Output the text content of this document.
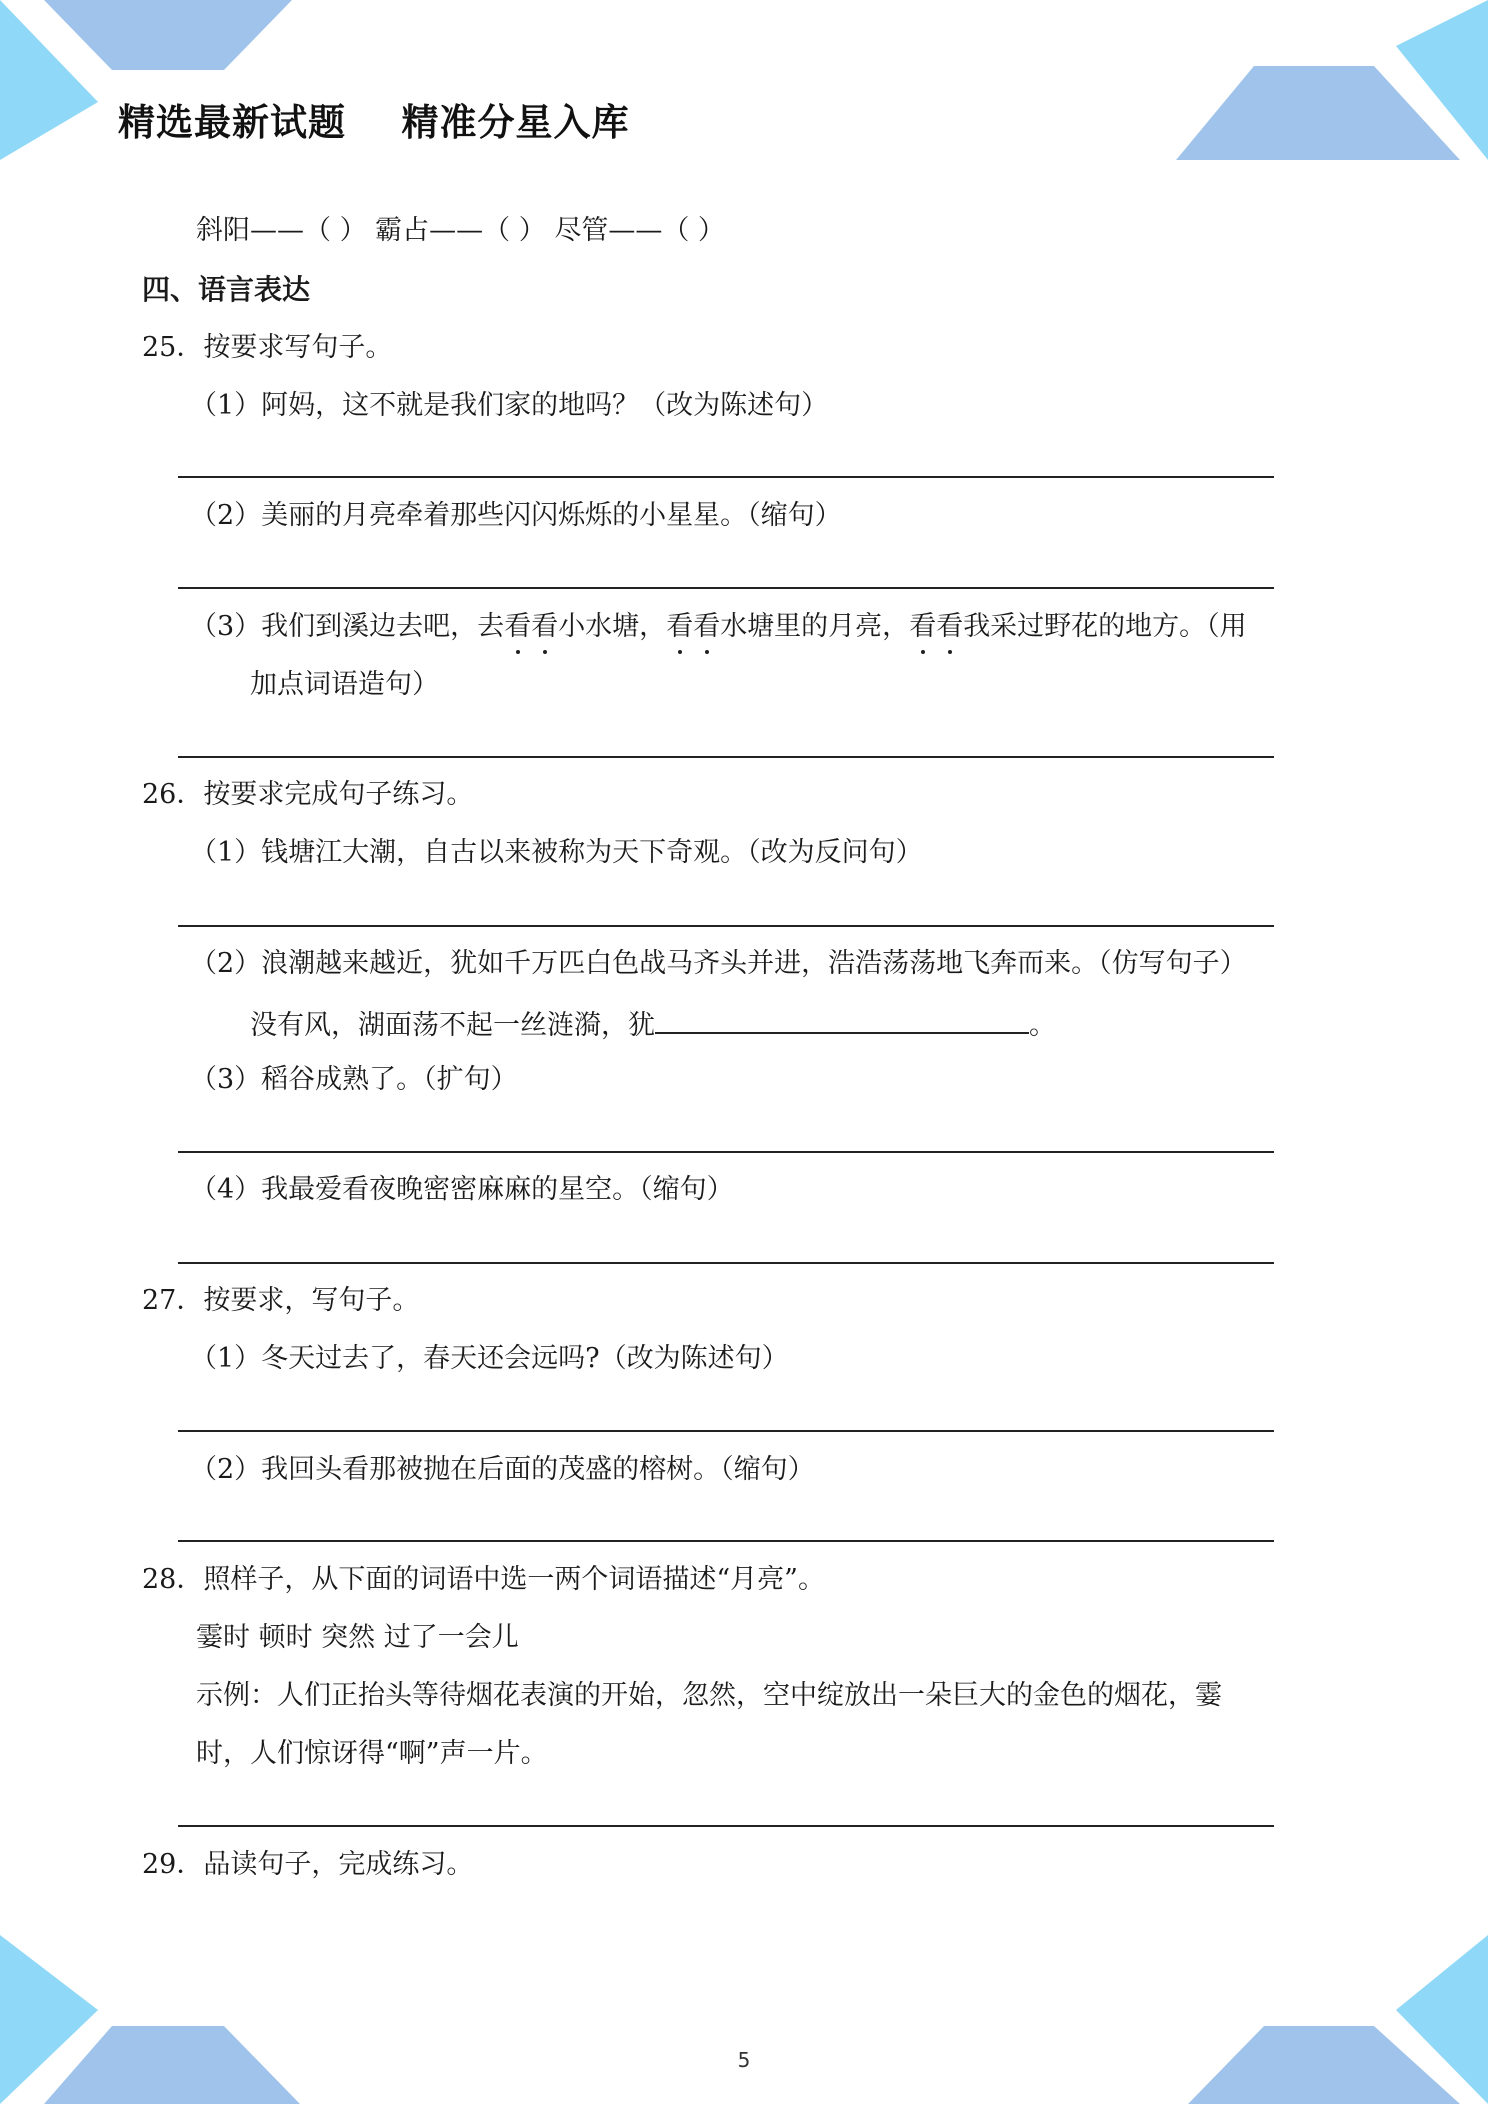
精选最新试题    精准分星入库
斜阳——（ ） 霸占——（ ） 尽管——（ ）
四、语言表达
25．按要求写句子。
（1）阿妈，这不就是我们家的地吗？（改为陈述句）
（2）美丽的月亮牵着那些闪闪烁烁的小星星。（缩句）
（3）我们到溪边去吧，去看看小水塘，看看水塘里的月亮，看看我采过野花的地方。（用
加点词语造句）
26．按要求完成句子练习。
（1）钱塘江大潮，自古以来被称为天下奇观。（改为反问句）
（2）浪潮越来越近，犹如千万匹白色战马齐头并进，浩浩荡荡地飞奔而来。（仿写句子）
没有风，湖面荡不起一丝涟漪，犹	。
（3）稻谷成熟了。（扩句）
（4）我最爱看夜晚密密麻麻的星空。（缩句）
27．按要求，写句子。
（1）冬天过去了，春天还会远吗?（改为陈述句）
（2）我回头看那被抛在后面的茂盛的榕树。（缩句）
28．照样子，从下面的词语中选一两个词语描述“月亮”。
霎时 顿时 突然 过了一会儿
示例：人们正抬头等待烟花表演的开始，忽然，空中绽放出一朵巨大的金色的烟花，霎
时，人们惊讶得“啊”声一片。
29．品读句子，完成练习。
5
